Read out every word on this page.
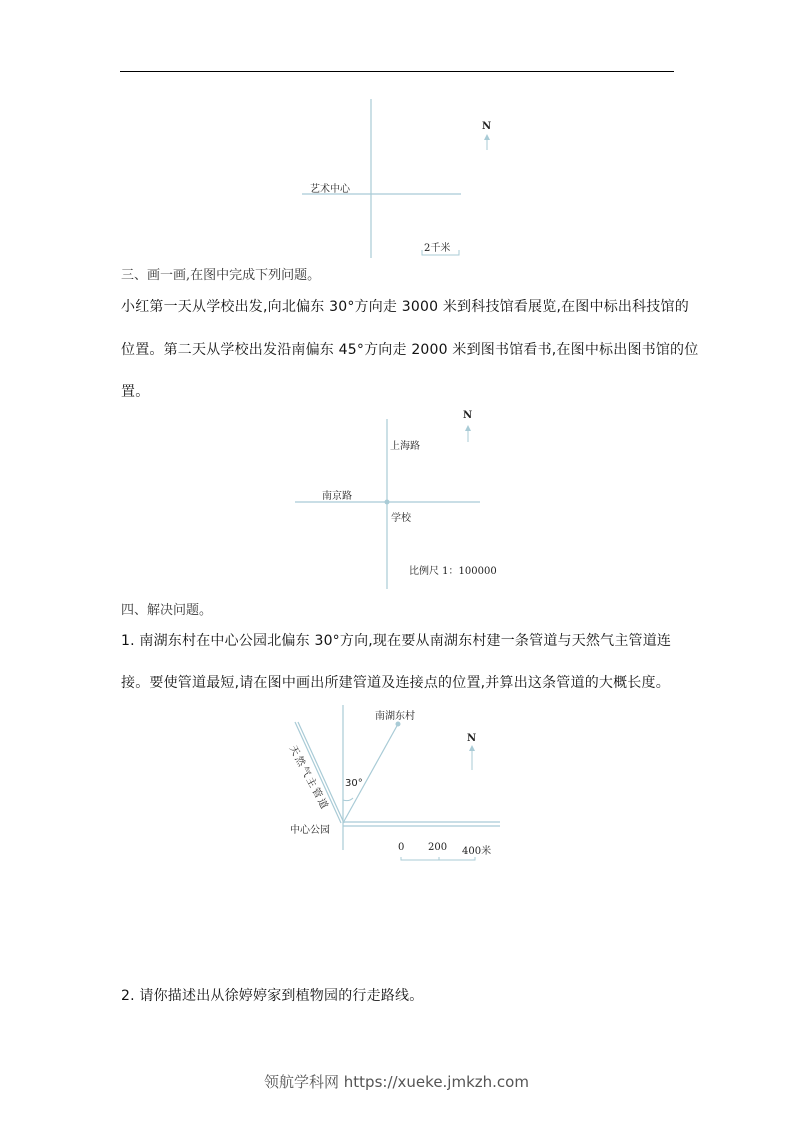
艺术中心
N
2千米
三、画一画,在图中完成下列问题。
小红第一天从学校出发,向北偏东 30°方向走 3000 米到科技馆看展览,在图中标出科技馆的
位置。第二天从学校出发沿南偏东 45°方向走 2000 米到图书馆看书,在图中标出图书馆的位
置。
上海路
南京路
学校
N
比例尺 1：100000
四、解决问题。
1. 南湖东村在中心公园北偏东 30°方向,现在要从南湖东村建一条管道与天然气主管道连
接。要使管道最短,请在图中画出所建管道及连接点的位置,并算出这条管道的大概长度。
南湖东村
天然气主管道	30°
中心公园
N
0 200 400米
2. 请你描述出从徐婷婷家到植物园的行走路线。
领航学科网 https://xueke.jmkzh.com
